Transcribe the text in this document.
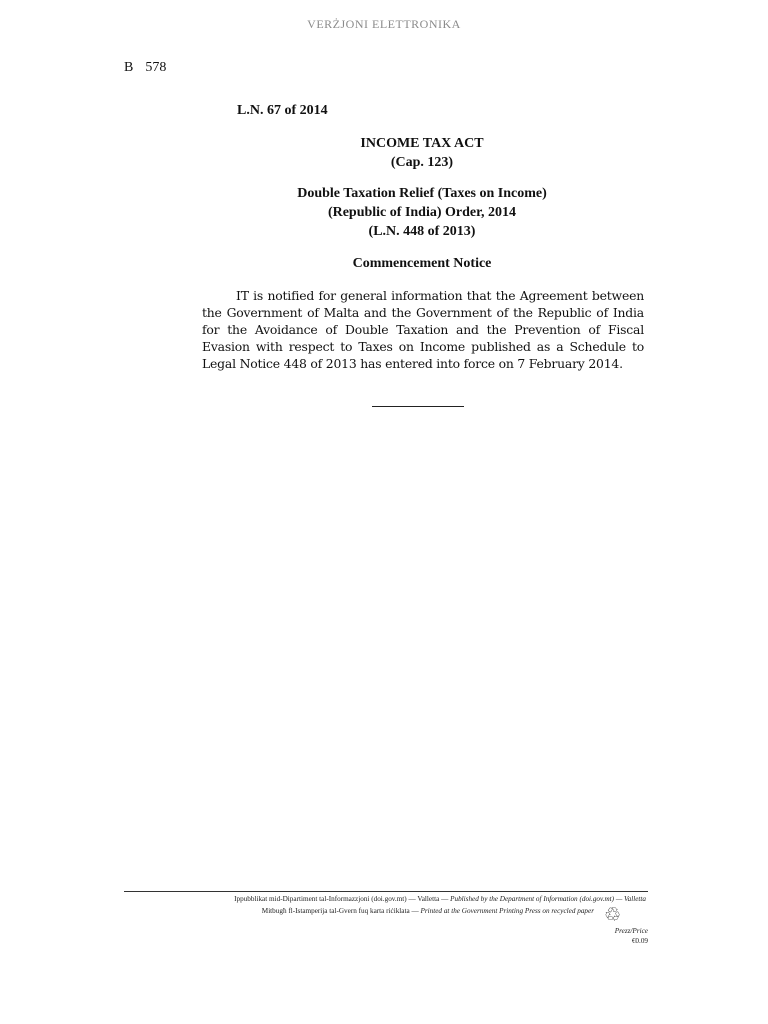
VERŻJONI ELETTRONIKA
B 578
L.N. 67 of 2014
INCOME TAX ACT
(Cap. 123)
Double Taxation Relief (Taxes on Income)
(Republic of India) Order, 2014
(L.N. 448 of 2013)
Commencement Notice
IT is notified for general information that the Agreement between the Government of Malta and the Government of the Republic of India for the Avoidance of Double Taxation and the Prevention of Fiscal Evasion with respect to Taxes on Income published as a Schedule to Legal Notice 448 of 2013 has entered into force on 7 February 2014.
Ippubblikat mid-Dipartiment tal-Informazzjoni (doi.gov.mt) — Valletta — Published by the Department of Information (doi.gov.mt) — Valletta
Mitbugħ fl-Istamperija tal-Gvern fuq karta riċiklata — Printed at the Government Printing Press on recycled paper ♲
Prezz/Price
€0.09
